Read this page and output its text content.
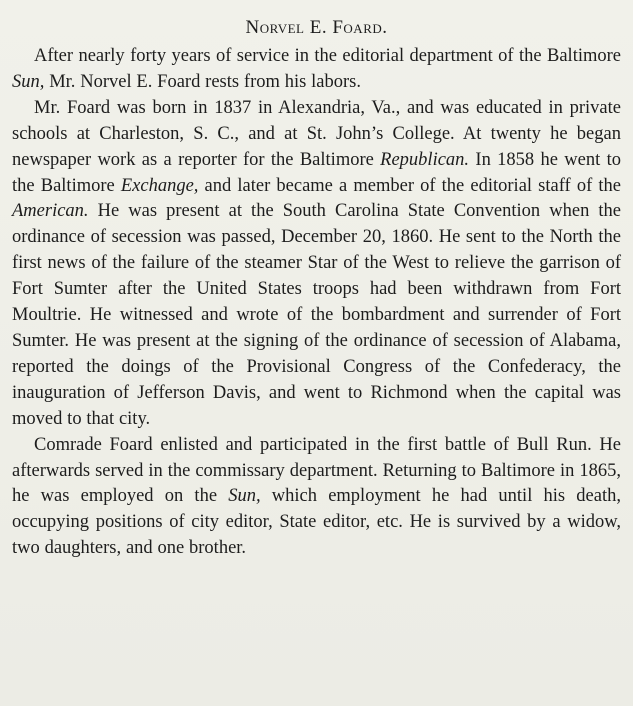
Norvel E. Foard.

After nearly forty years of service in the editorial department of the Baltimore Sun, Mr. Norvel E. Foard rests from his labors.

Mr. Foard was born in 1837 in Alexandria, Va., and was educated in private schools at Charleston, S. C., and at St. John’s College. At twenty he began newspaper work as a reporter for the Baltimore Republican. In 1858 he went to the Baltimore Exchange, and later became a member of the editorial staff of the American. He was present at the South Carolina State Convention when the ordinance of secession was passed, December 20, 1860. He sent to the North the first news of the failure of the steamer Star of the West to relieve the garrison of Fort Sumter after the United States troops had been withdrawn from Fort Moultrie. He witnessed and wrote of the bombardment and surrender of Fort Sumter. He was present at the signing of the ordinance of secession of Alabama, reported the doings of the Provisional Congress of the Confederacy, the inauguration of Jefferson Davis, and went to Richmond when the capital was moved to that city.

Comrade Foard enlisted and participated in the first battle of Bull Run. He afterwards served in the commissary department. Returning to Baltimore in 1865, he was employed on the Sun, which employment he had until his death, occupying positions of city editor, State editor, etc. He is survived by a widow, two daughters, and one brother.
